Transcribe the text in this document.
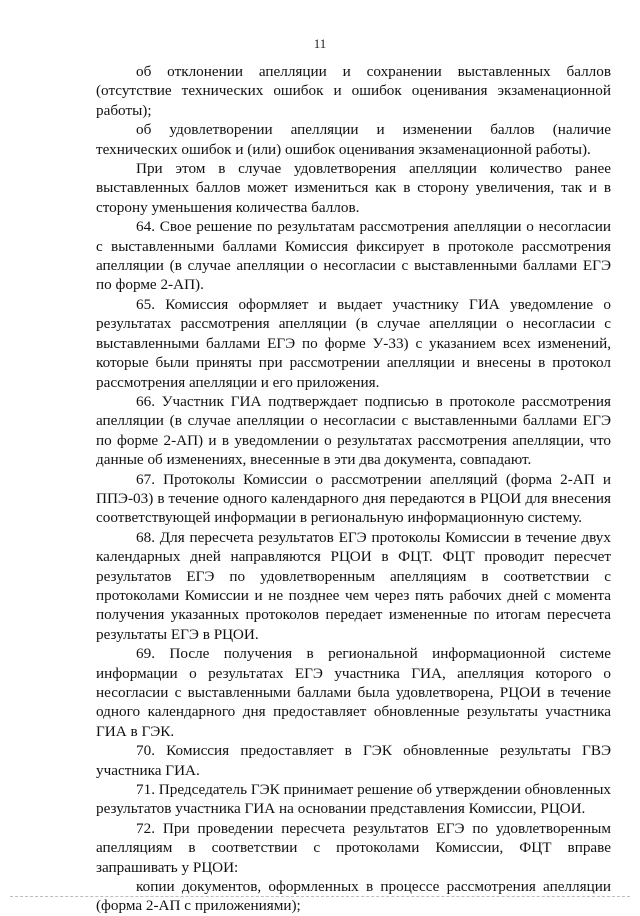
11

об отклонении апелляции и сохранении выставленных баллов (отсутствие технических ошибок и ошибок оценивания экзаменационной работы);

об удовлетворении апелляции и изменении баллов (наличие технических ошибок и (или) ошибок оценивания экзаменационной работы).

При этом в случае удовлетворения апелляции количество ранее выставленных баллов может измениться как в сторону увеличения, так и в сторону уменьшения количества баллов.

64. Свое решение по результатам рассмотрения апелляции о несогласии с выставленными баллами Комиссия фиксирует в протоколе рассмотрения апелляции (в случае апелляции о несогласии с выставленными баллами ЕГЭ по форме 2-АП).

65. Комиссия оформляет и выдает участнику ГИА уведомление о результатах рассмотрения апелляции (в случае апелляции о несогласии с выставленными баллами ЕГЭ по форме У-33) с указанием всех изменений, которые были приняты при рассмотрении апелляции и внесены в протокол рассмотрения апелляции и его приложения.

66. Участник ГИА подтверждает подписью в протоколе рассмотрения апелляции (в случае апелляции о несогласии с выставленными баллами ЕГЭ по форме 2-АП) и в уведомлении о результатах рассмотрения апелляции, что данные об изменениях, внесенные в эти два документа, совпадают.

67. Протоколы Комиссии о рассмотрении апелляций (форма 2-АП и ППЭ-03) в течение одного календарного дня передаются в РЦОИ для внесения соответствующей информации в региональную информационную систему.

68. Для пересчета результатов ЕГЭ протоколы Комиссии в течение двух календарных дней направляются РЦОИ в ФЦТ. ФЦТ проводит пересчет результатов ЕГЭ по удовлетворенным апелляциям в соответствии с протоколами Комиссии и не позднее чем через пять рабочих дней с момента получения указанных протоколов передает измененные по итогам пересчета результаты ЕГЭ в РЦОИ.

69. После получения в региональной информационной системе информации о результатах ЕГЭ участника ГИА, апелляция которого о несогласии с выставленными баллами была удовлетворена, РЦОИ в течение одного календарного дня предоставляет обновленные результаты участника ГИА в ГЭК.

70. Комиссия предоставляет в ГЭК обновленные результаты ГВЭ участника ГИА.

71. Председатель ГЭК принимает решение об утверждении обновленных результатов участника ГИА на основании представления Комиссии, РЦОИ.

72. При проведении пересчета результатов ЕГЭ по удовлетворенным апелляциям в соответствии с протоколами Комиссии, ФЦТ вправе запрашивать у РЦОИ:

копии документов, оформленных в процессе рассмотрения апелляции (форма 2-АП с приложениями);
